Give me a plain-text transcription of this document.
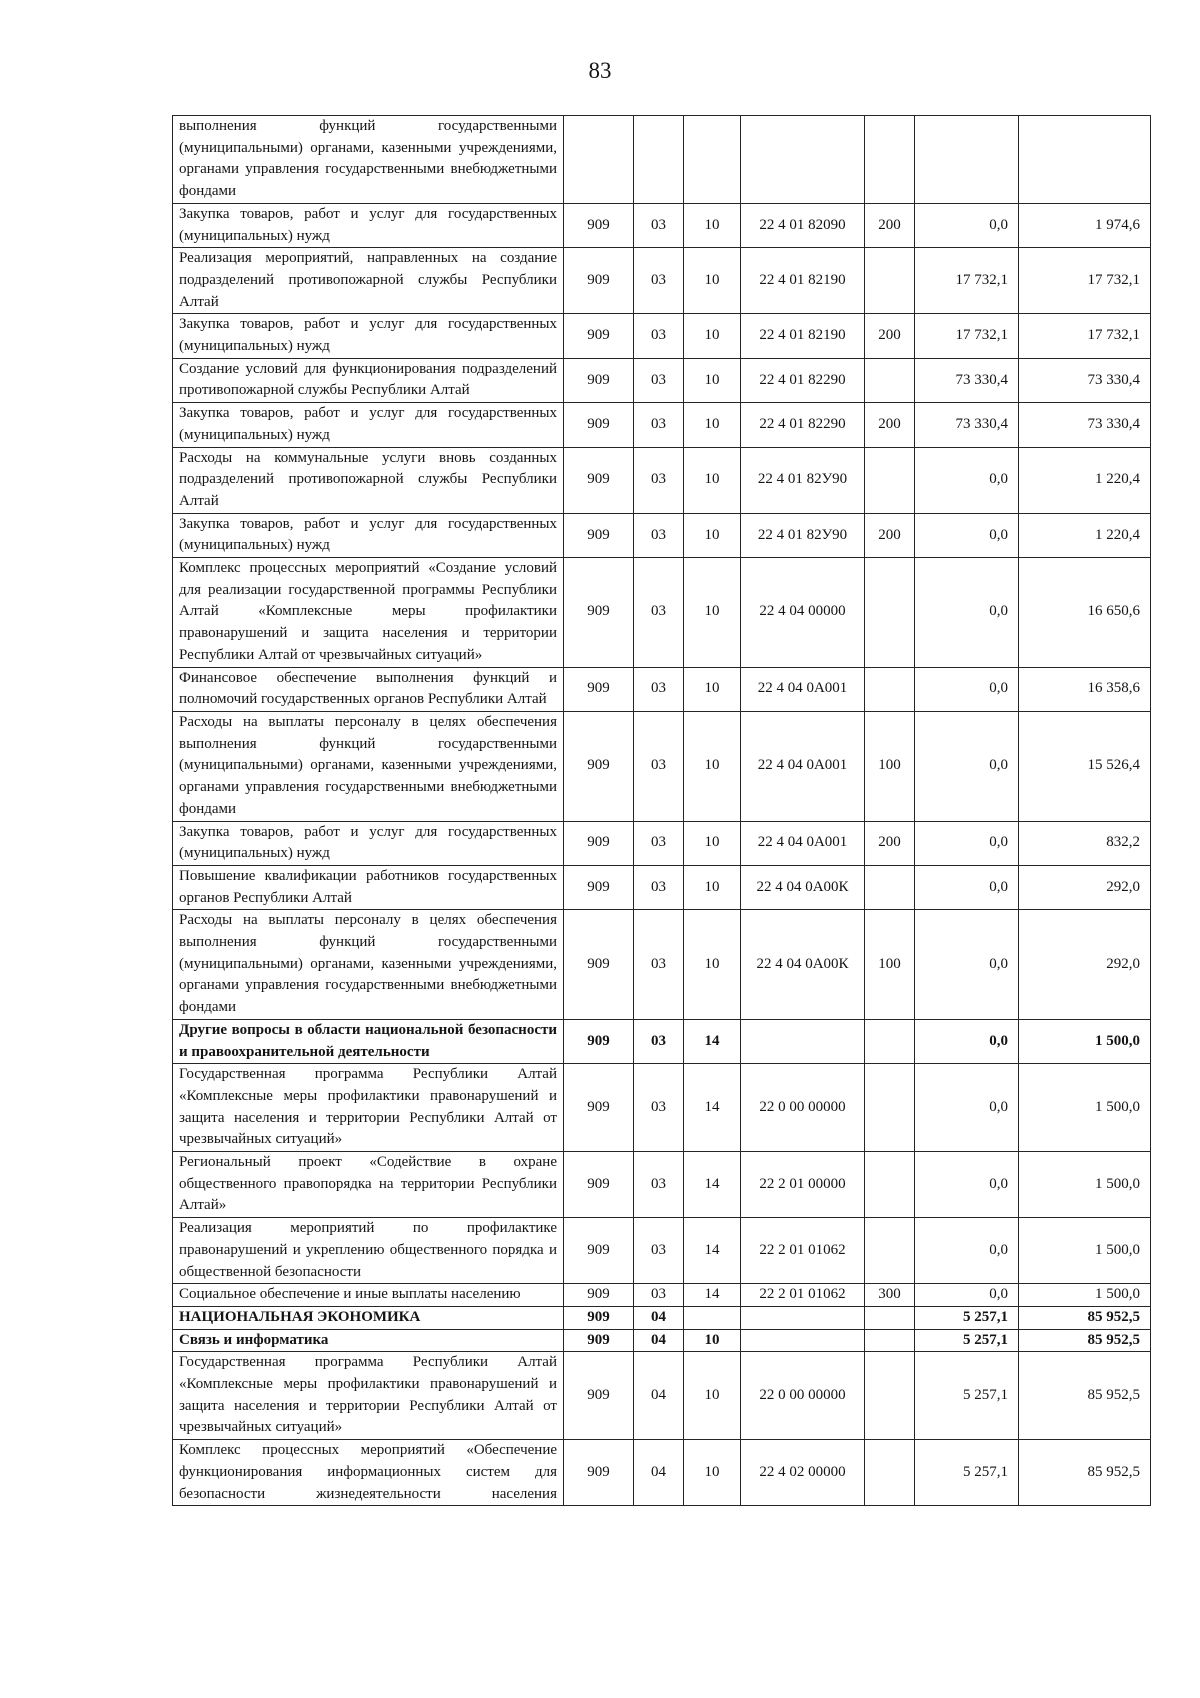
83
выполнения функций государственными (муниципальными) органами, казенными учреждениями, органами управления государственными внебюджетными фондами							
Закупка товаров, работ и услуг для государственных (муниципальных) нужд	909	03	10	22 4 01 82090	200	0,0	1 974,6
Реализация мероприятий, направленных на создание подразделений противопожарной службы Республики Алтай	909	03	10	22 4 01 82190		17 732,1	17 732,1
Закупка товаров, работ и услуг для государственных (муниципальных) нужд	909	03	10	22 4 01 82190	200	17 732,1	17 732,1
Создание условий для функционирования подразделений противопожарной службы Республики Алтай	909	03	10	22 4 01 82290		73 330,4	73 330,4
Закупка товаров, работ и услуг для государственных (муниципальных) нужд	909	03	10	22 4 01 82290	200	73 330,4	73 330,4
Расходы на коммунальные услуги вновь созданных подразделений противопожарной службы Республики Алтай	909	03	10	22 4 01 82У90		0,0	1 220,4
Закупка товаров, работ и услуг для государственных (муниципальных) нужд	909	03	10	22 4 01 82У90	200	0,0	1 220,4
Комплекс процессных мероприятий «Создание условий для реализации государственной программы Республики Алтай «Комплексные меры профилактики правонарушений и защита населения и территории Республики Алтай от чрезвычайных ситуаций»	909	03	10	22 4 04 00000		0,0	16 650,6
Финансовое обеспечение выполнения функций и полномочий государственных органов Республики Алтай	909	03	10	22 4 04 0А001		0,0	16 358,6
Расходы на выплаты персоналу в целях обеспечения выполнения функций государственными (муниципальными) органами, казенными учреждениями, органами управления государственными внебюджетными фондами	909	03	10	22 4 04 0А001	100	0,0	15 526,4
Закупка товаров, работ и услуг для государственных (муниципальных) нужд	909	03	10	22 4 04 0А001	200	0,0	832,2
Повышение квалификации работников государственных органов Республики Алтай	909	03	10	22 4 04 0А00К		0,0	292,0
Расходы на выплаты персоналу в целях обеспечения выполнения функций государственными (муниципальными) органами, казенными учреждениями, органами управления государственными внебюджетными фондами	909	03	10	22 4 04 0А00К	100	0,0	292,0
Другие вопросы в области национальной безопасности и правоохранительной деятельности	909	03	14			0,0	1 500,0
Государственная программа Республики Алтай «Комплексные меры профилактики правонарушений и защита населения и территории Республики Алтай от чрезвычайных ситуаций»	909	03	14	22 0 00 00000		0,0	1 500,0
Региональный проект «Содействие в охране общественного правопорядка на территории Республики Алтай»	909	03	14	22 2 01 00000		0,0	1 500,0
Реализация мероприятий по профилактике правонарушений и укреплению общественного порядка и общественной безопасности	909	03	14	22 2 01 01062		0,0	1 500,0
Социальное обеспечение и иные выплаты населению	909	03	14	22 2 01 01062	300	0,0	1 500,0
НАЦИОНАЛЬНАЯ ЭКОНОМИКА	909	04				5 257,1	85 952,5
Связь и информатика	909	04	10			5 257,1	85 952,5
Государственная программа Республики Алтай «Комплексные меры профилактики правонарушений и защита населения и территории Республики Алтай от чрезвычайных ситуаций»	909	04	10	22 0 00 00000		5 257,1	85 952,5
Комплекс процессных мероприятий «Обеспечение функционирования информационных систем для безопасности жизнедеятельности населения	909	04	10	22 4 02 00000		5 257,1	85 952,5
